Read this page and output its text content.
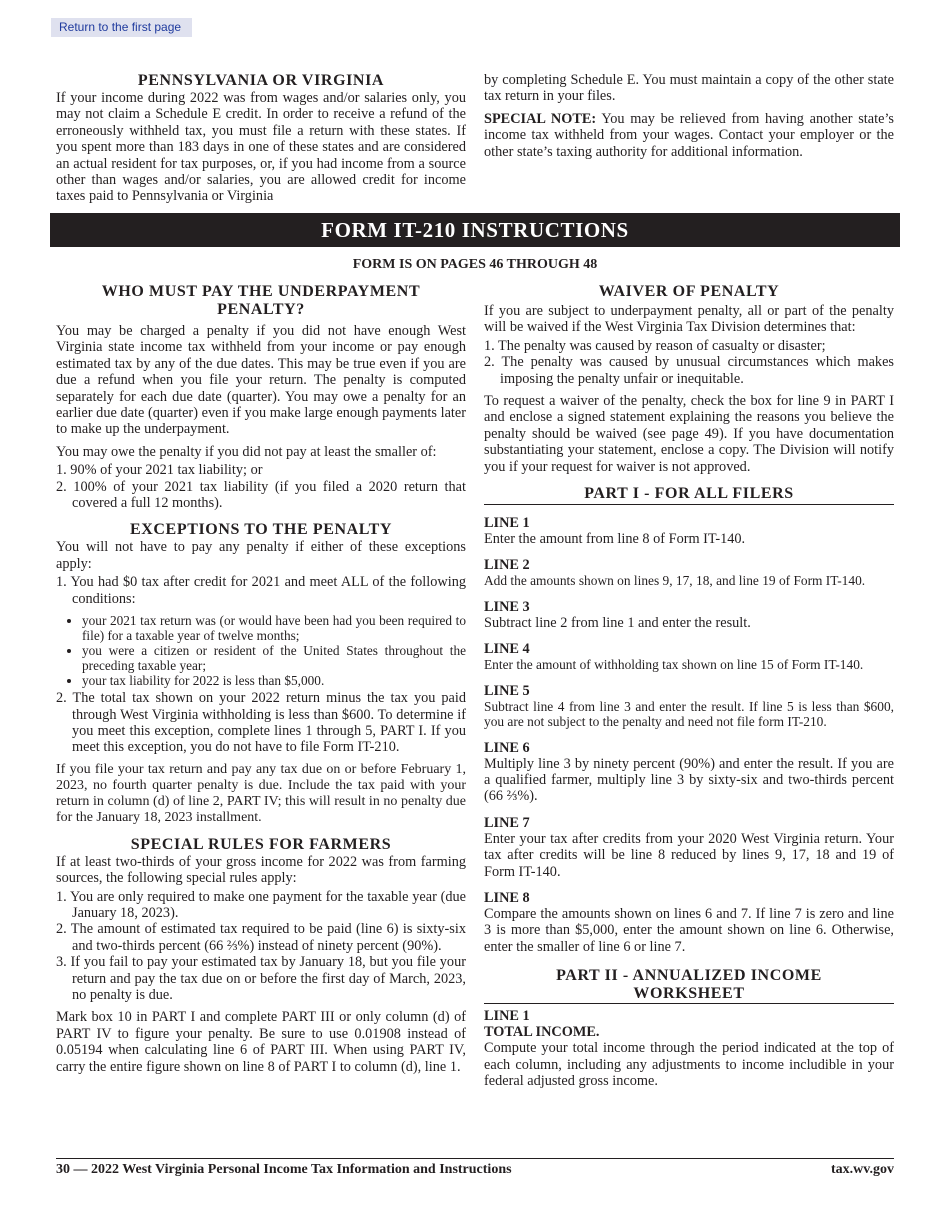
Return to the first page
PENNSYLVANIA OR VIRGINIA

If your income during 2022 was from wages and/or salaries only, you may not claim a Schedule E credit. In order to receive a refund of the erroneously withheld tax, you must file a return with these states. If you spent more than 183 days in one of these states and are considered an actual resident for tax purposes, or, if you had income from a source other than wages and/or salaries, you are allowed credit for income taxes paid to Pennsylvania or Virginia

by completing Schedule E. You must maintain a copy of the other state tax return in your files.

SPECIAL NOTE: You may be relieved from having another state’s income tax withheld from your wages. Contact your employer or the other state’s taxing authority for additional information.

FORM IT-210 INSTRUCTIONS
FORM IS ON PAGES 46 THROUGH 48
WHO MUST PAY THE UNDERPAYMENT PENALTY?

You may be charged a penalty if you did not have enough West Virginia state income tax withheld from your income or pay enough estimated tax by any of the due dates. This may be true even if you are due a refund when you file your return. The penalty is computed separately for each due date (quarter). You may owe a penalty for an earlier due date (quarter) even if you make large enough payments later to make up the underpayment.

You may owe the penalty if you did not pay at least the smaller of:

1. 90% of your 2021 tax liability; or
2. 100% of your 2021 tax liability (if you filed a 2020 return that covered a full 12 months).
EXCEPTIONS TO THE PENALTY

You will not have to pay any penalty if either of these exceptions apply:

1. You had $0 tax after credit for 2021 and meet ALL of the following conditions:
• your 2021 tax return was (or would have been had you been required to file) for a taxable year of twelve months;
• you were a citizen or resident of the United States throughout the preceding taxable year;
• your tax liability for 2022 is less than $5,000.
2. The total tax shown on your 2022 return minus the tax you paid through West Virginia withholding is less than $600. To determine if you meet this exception, complete lines 1 through 5, PART I. If you meet this exception, you do not have to file Form IT-210.

If you file your tax return and pay any tax due on or before February 1, 2023, no fourth quarter penalty is due. Include the tax paid with your return in column (d) of line 2, PART IV; this will result in no penalty due for the January 18, 2023 installment.

SPECIAL RULES FOR FARMERS

If at least two-thirds of your gross income for 2022 was from farming sources, the following special rules apply:

1. You are only required to make one payment for the taxable year (due January 18, 2023).
2. The amount of estimated tax required to be paid (line 6) is sixty-six and two-thirds percent (66 ⅔%) instead of ninety percent (90%).
3. If you fail to pay your estimated tax by January 18, but you file your return and pay the tax due on or before the first day of March, 2023, no penalty is due.

Mark box 10 in PART I and complete PART III or only column (d) of PART IV to figure your penalty. Be sure to use 0.01908 instead of 0.05194 when calculating line 6 of PART III. When using PART IV, carry the entire figure shown on line 8 of PART I to column (d), line 1.

WAIVER OF PENALTY

If you are subject to underpayment penalty, all or part of the penalty will be waived if the West Virginia Tax Division determines that:

1. The penalty was caused by reason of casualty or disaster;
2. The penalty was caused by unusual circumstances which makes imposing the penalty unfair or inequitable.

To request a waiver of the penalty, check the box for line 9 in PART I and enclose a signed statement explaining the reasons you believe the penalty should be waived (see page 49). If you have documentation substantiating your statement, enclose a copy. The Division will notify you if your request for waiver is not approved.

PART I - FOR ALL FILERS
LINE 1

Enter the amount from line 8 of Form IT-140.

LINE 2

Add the amounts shown on lines 9, 17, 18, and line 19 of Form IT-140.

LINE 3

Subtract line 2 from line 1 and enter the result.

LINE 4

Enter the amount of withholding tax shown on line 15 of Form IT-140.

LINE 5

Subtract line 4 from line 3 and enter the result. If line 5 is less than $600, you are not subject to the penalty and need not file form IT-210.

LINE 6

Multiply line 3 by ninety percent (90%) and enter the result. If you are a qualified farmer, multiply line 3 by sixty-six and two-thirds percent (66 ⅔%).

LINE 7

Enter your tax after credits from your 2020 West Virginia return. Your tax after credits will be line 8 reduced by lines 9, 17, 18 and 19 of Form IT-140.

LINE 8

Compare the amounts shown on lines 6 and 7. If line 7 is zero and line 3 is more than $5,000, enter the amount shown on line 6. Otherwise, enter the smaller of line 6 or line 7.

PART II - ANNUALIZED INCOME WORKSHEET
LINE 1
TOTAL INCOME.

Compute your total income through the period indicated at the top of each column, including any adjustments to income includible in your federal adjusted gross income.

30 — 2022 West Virginia Personal Income Tax Information and Instructions	tax.wv.gov
